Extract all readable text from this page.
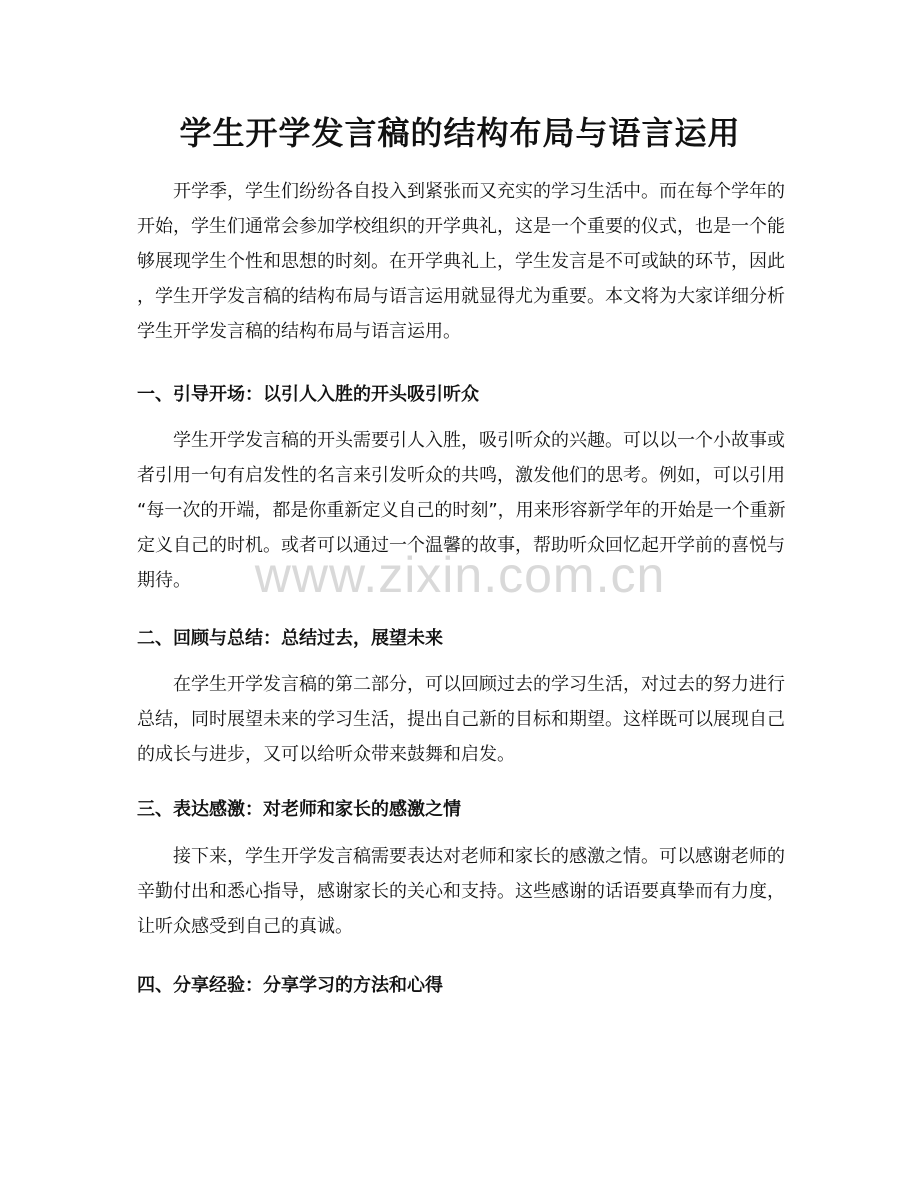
学生开学发言稿的结构布局与语言运用
开学季，学生们纷纷各自投入到紧张而又充实的学习生活中。而在每个学年的
开始，学生们通常会参加学校组织的开学典礼，这是一个重要的仪式，也是一个能
够展现学生个性和思想的时刻。在开学典礼上，学生发言是不可或缺的环节，因此
，学生开学发言稿的结构布局与语言运用就显得尤为重要。本文将为大家详细分析
学生开学发言稿的结构布局与语言运用。
一、引导开场：以引人入胜的开头吸引听众
学生开学发言稿的开头需要引人入胜，吸引听众的兴趣。可以以一个小故事或
者引用一句有启发性的名言来引发听众的共鸣，激发他们的思考。例如，可以引用
“每一次的开端，都是你重新定义自己的时刻”，用来形容新学年的开始是一个重新
定义自己的时机。或者可以通过一个温馨的故事，帮助听众回忆起开学前的喜悦与
期待。
二、回顾与总结：总结过去，展望未来
在学生开学发言稿的第二部分，可以回顾过去的学习生活，对过去的努力进行
总结，同时展望未来的学习生活，提出自己新的目标和期望。这样既可以展现自己
的成长与进步，又可以给听众带来鼓舞和启发。
三、表达感激：对老师和家长的感激之情
接下来，学生开学发言稿需要表达对老师和家长的感激之情。可以感谢老师的
辛勤付出和悉心指导，感谢家长的关心和支持。这些感谢的话语要真挚而有力度，
让听众感受到自己的真诚。
四、分享经验：分享学习的方法和心得
www.zixin.com.cn
